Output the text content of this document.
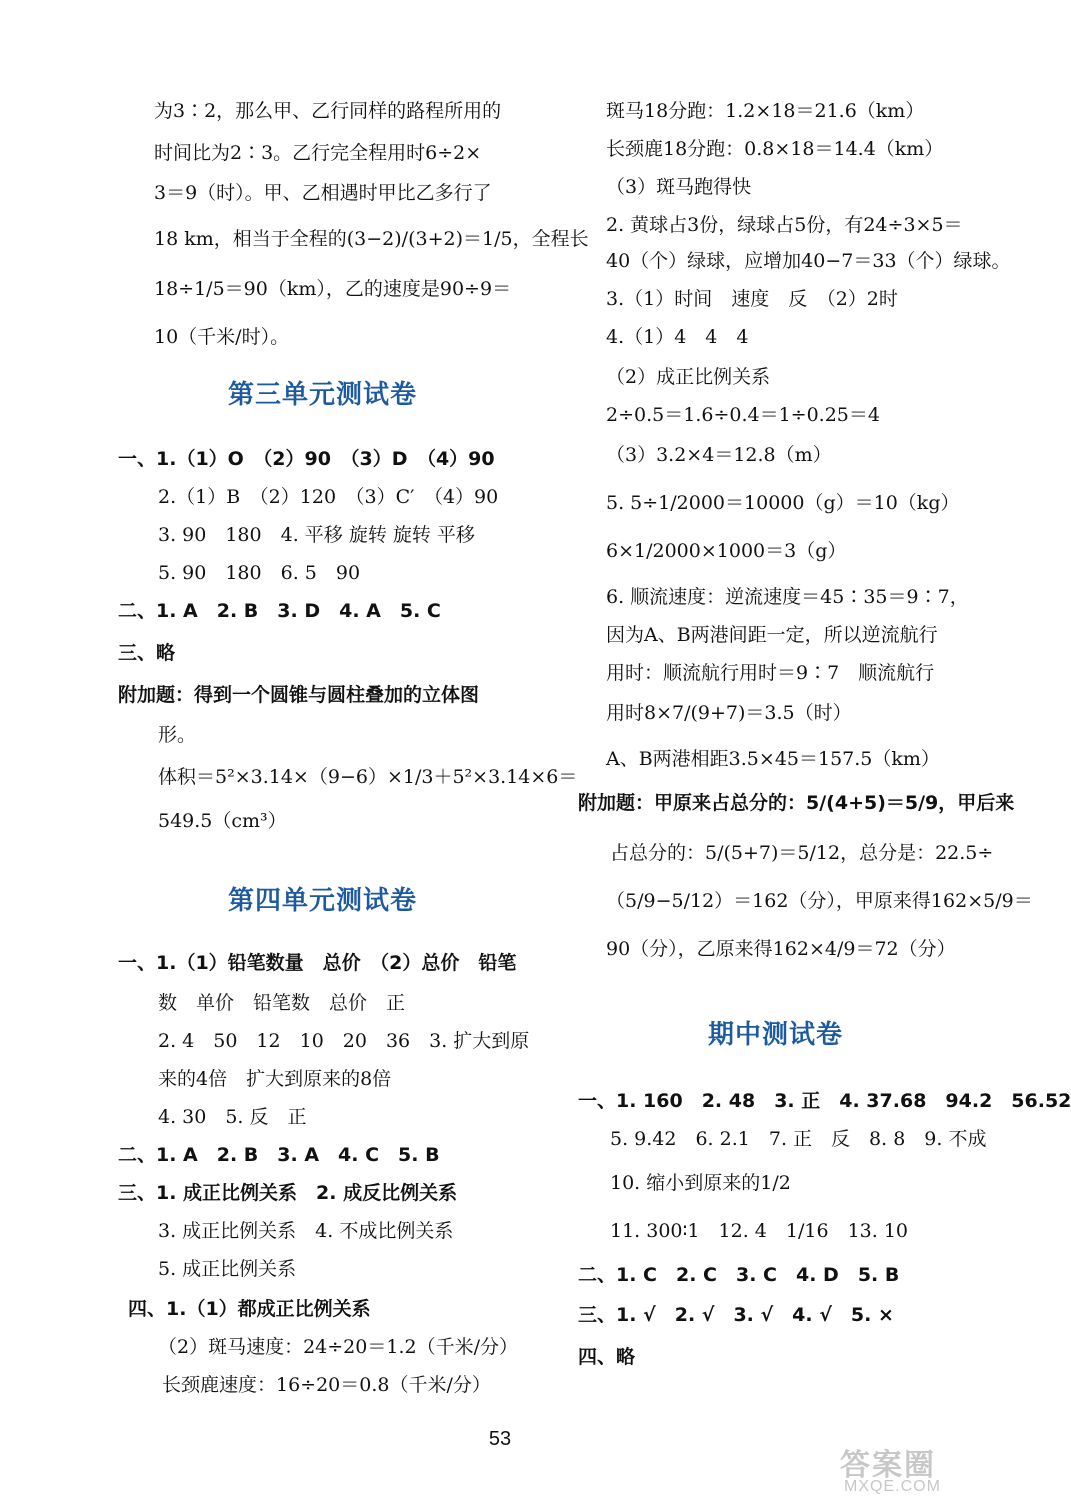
为3∶2，那么甲、乙行同样的路程所用的
时间比为2∶3。乙行完全程用时6÷2×
3＝9（时）。甲、乙相遇时甲比乙多行了
18 km，相当于全程的(3−2)/(3+2)＝1/5，全程长
18÷1/5＝90（km），乙的速度是90÷9＝
10（千米/时）。
第三单元测试卷
一、1.（1）O　（2）90　（3）D　（4）90
2.（1）B　（2）120　（3）C′　（4）90
3. 90　180　4. 平移 旋转 旋转 平移
5. 90　180　6. 5　90
二、1. A　2. B　3. D　4. A　5. C
三、略
附加题：得到一个圆锥与圆柱叠加的立体图
形。
体积＝5²×3.14×（9−6）×1/3＋5²×3.14×6＝
549.5（cm³）
第四单元测试卷
一、1.（1）铅笔数量　总价　（2）总价　铅笔
数　单价　铅笔数　总价　正
2. 4　50　12　10　20　36　3. 扩大到原
来的4倍　扩大到原来的8倍
4. 30　5. 反　正
二、1. A　2. B　3. A　4. C　5. B
三、1. 成正比例关系　2. 成反比例关系
3. 成正比例关系　4. 不成比例关系
5. 成正比例关系
四、1.（1）都成正比例关系
（2）斑马速度：24÷20＝1.2（千米/分）
长颈鹿速度：16÷20＝0.8（千米/分）
斑马18分跑：1.2×18＝21.6（km）
长颈鹿18分跑：0.8×18＝14.4（km）
（3）斑马跑得快
2. 黄球占3份，绿球占5份，有24÷3×5＝
40（个）绿球，应增加40−7＝33（个）绿球。
3.（1）时间　速度　反　（2）2时
4.（1）4　4　4
（2）成正比例关系
2÷0.5＝1.6÷0.4＝1÷0.25＝4
（3）3.2×4＝12.8（m）
5. 5÷1/2000＝10000（g）＝10（kg）
6×1/2000×1000＝3（g）
6. 顺流速度：逆流速度＝45∶35＝9∶7，
因为A、B两港间距一定，所以逆流航行
用时：顺流航行用时＝9∶7　顺流航行
用时8×7/(9+7)＝3.5（时）
A、B两港相距3.5×45＝157.5（km）
附加题：甲原来占总分的：5/(4+5)＝5/9，甲后来
占总分的：5/(5+7)＝5/12，总分是：22.5÷
（5/9−5/12）＝162（分），甲原来得162×5/9＝
90（分），乙原来得162×4/9＝72（分）
期中测试卷
一、1. 160　2. 48　3. 正　4. 37.68　94.2　56.52
5. 9.42　6. 2.1　7. 正　反　8. 8　9. 不成
10. 缩小到原来的1/2
11. 300∶1　12. 4　1/16　13. 10
二、1. C　2. C　3. C　4. D　5. B
三、1. √　2. √　3. √　4. √　5. ×
四、略
53
答案圈
MXQE.COM
